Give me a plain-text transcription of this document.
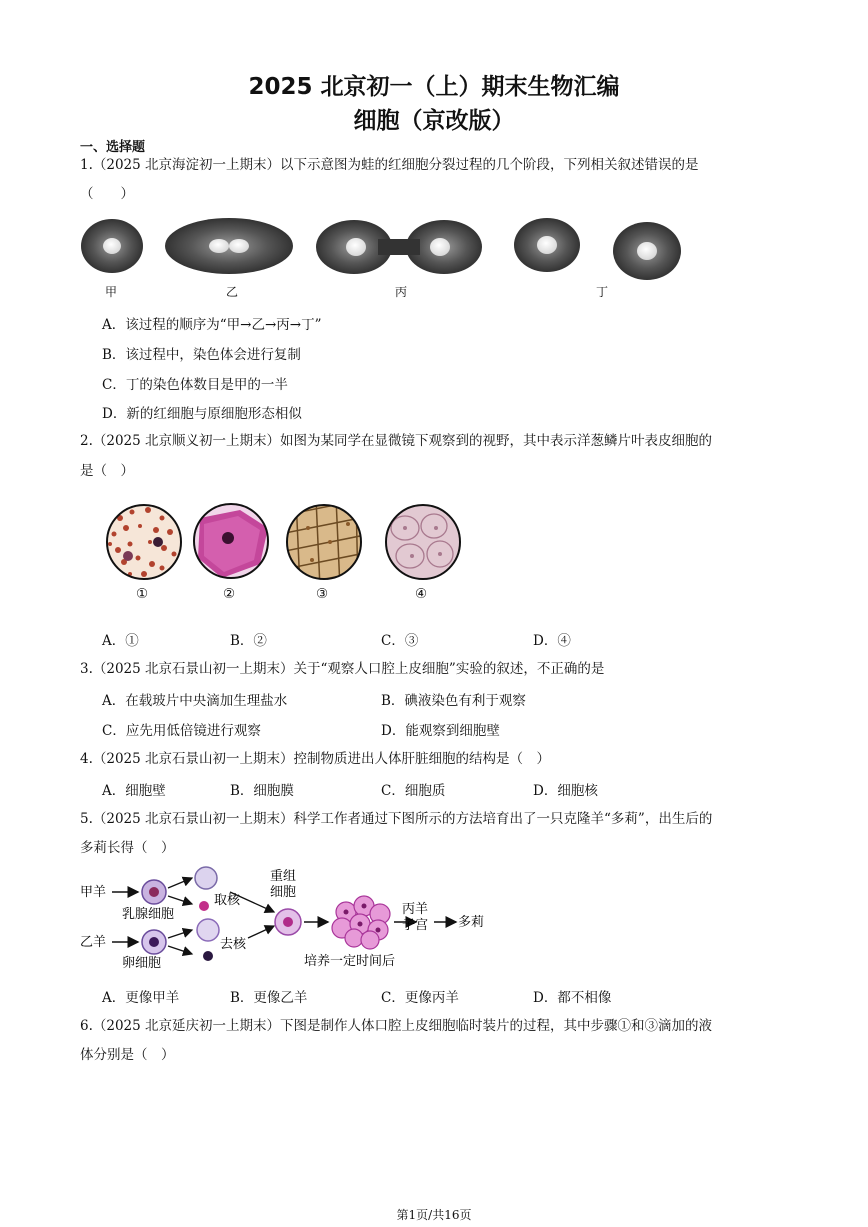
2025 北京初一（上）期末生物汇编
细胞（京改版）
一、选择题
1.（2025 北京海淀初一上期末）以下示意图为蛙的红细胞分裂过程的几个阶段，下列相关叙述错误的是
（　　）
甲	乙	丙	丁
A．该过程的顺序为“甲→乙→丙→丁”
B．该过程中，染色体会进行复制
C．丁的染色体数目是甲的一半
D．新的红细胞与原细胞形态相似
2.（2025 北京顺义初一上期末）如图为某同学在显微镜下观察到的视野，其中表示洋葱鳞片叶表皮细胞的
是（　）
①	②	③	④
A．①	B．②	C．③	D．④
3.（2025 北京石景山初一上期末）关于“观察人口腔上皮细胞”实验的叙述，不正确的是
A．在载玻片中央滴加生理盐水	B．碘液染色有利于观察
C．应先用低倍镜进行观察	D．能观察到细胞壁
4.（2025 北京石景山初一上期末）控制物质进出人体肝脏细胞的结构是（　）
A．细胞壁	B．细胞膜	C．细胞质	D．细胞核
5.（2025 北京石景山初一上期末）科学工作者通过下图所示的方法培育出了一只克隆羊“多莉”，出生后的
多莉长得（　）
甲羊
乳腺细胞
取核
乙羊
卵细胞
去核
重组
细胞
培养一定时间后
丙羊
子宫 多莉
A．更像甲羊	B．更像乙羊	C．更像丙羊	D．都不相像
6.（2025 北京延庆初一上期末）下图是制作人体口腔上皮细胞临时装片的过程，其中步骤①和③滴加的液
体分别是（　）
第1页/共16页
